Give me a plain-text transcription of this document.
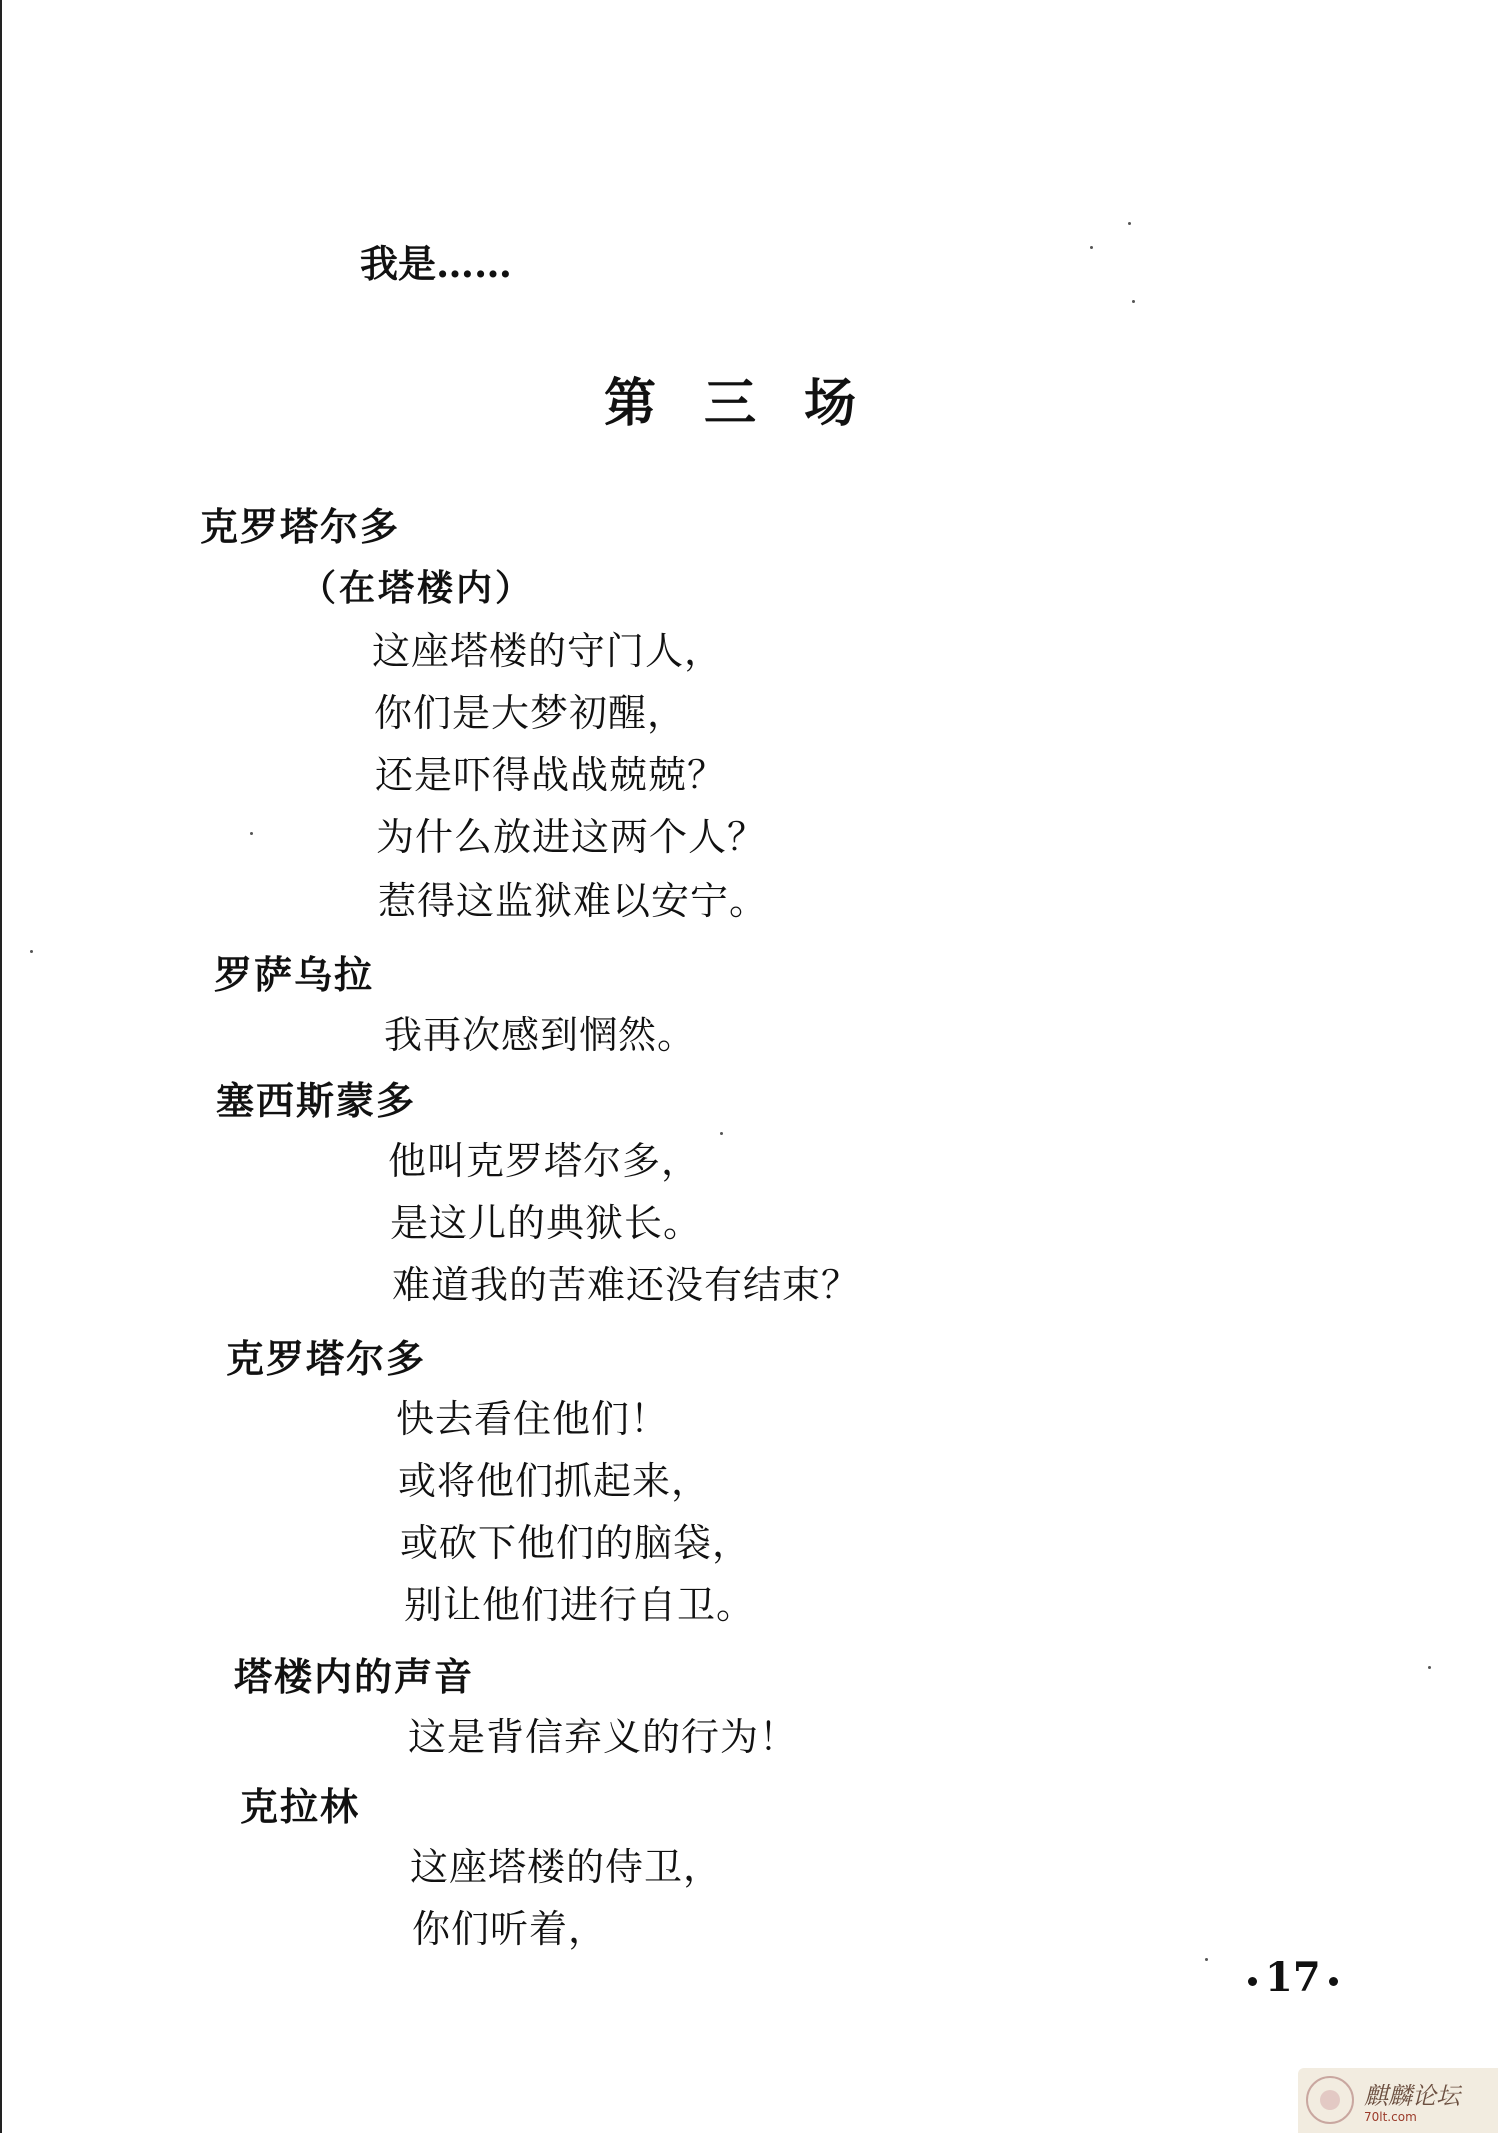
我是……
第三场
克罗塔尔多
（在塔楼内）
这座塔楼的守门人，
你们是大梦初醒，
还是吓得战战兢兢？
为什么放进这两个人？
惹得这监狱难以安宁。
罗萨乌拉
我再次感到惘然。
塞西斯蒙多
他叫克罗塔尔多，
是这儿的典狱长。
难道我的苦难还没有结束？
克罗塔尔多
快去看住他们！
或将他们抓起来，
或砍下他们的脑袋，
别让他们进行自卫。
塔楼内的声音
这是背信弃义的行为！
克拉林
这座塔楼的侍卫，
你们听着，
17
麒麟论坛
70lt.com
